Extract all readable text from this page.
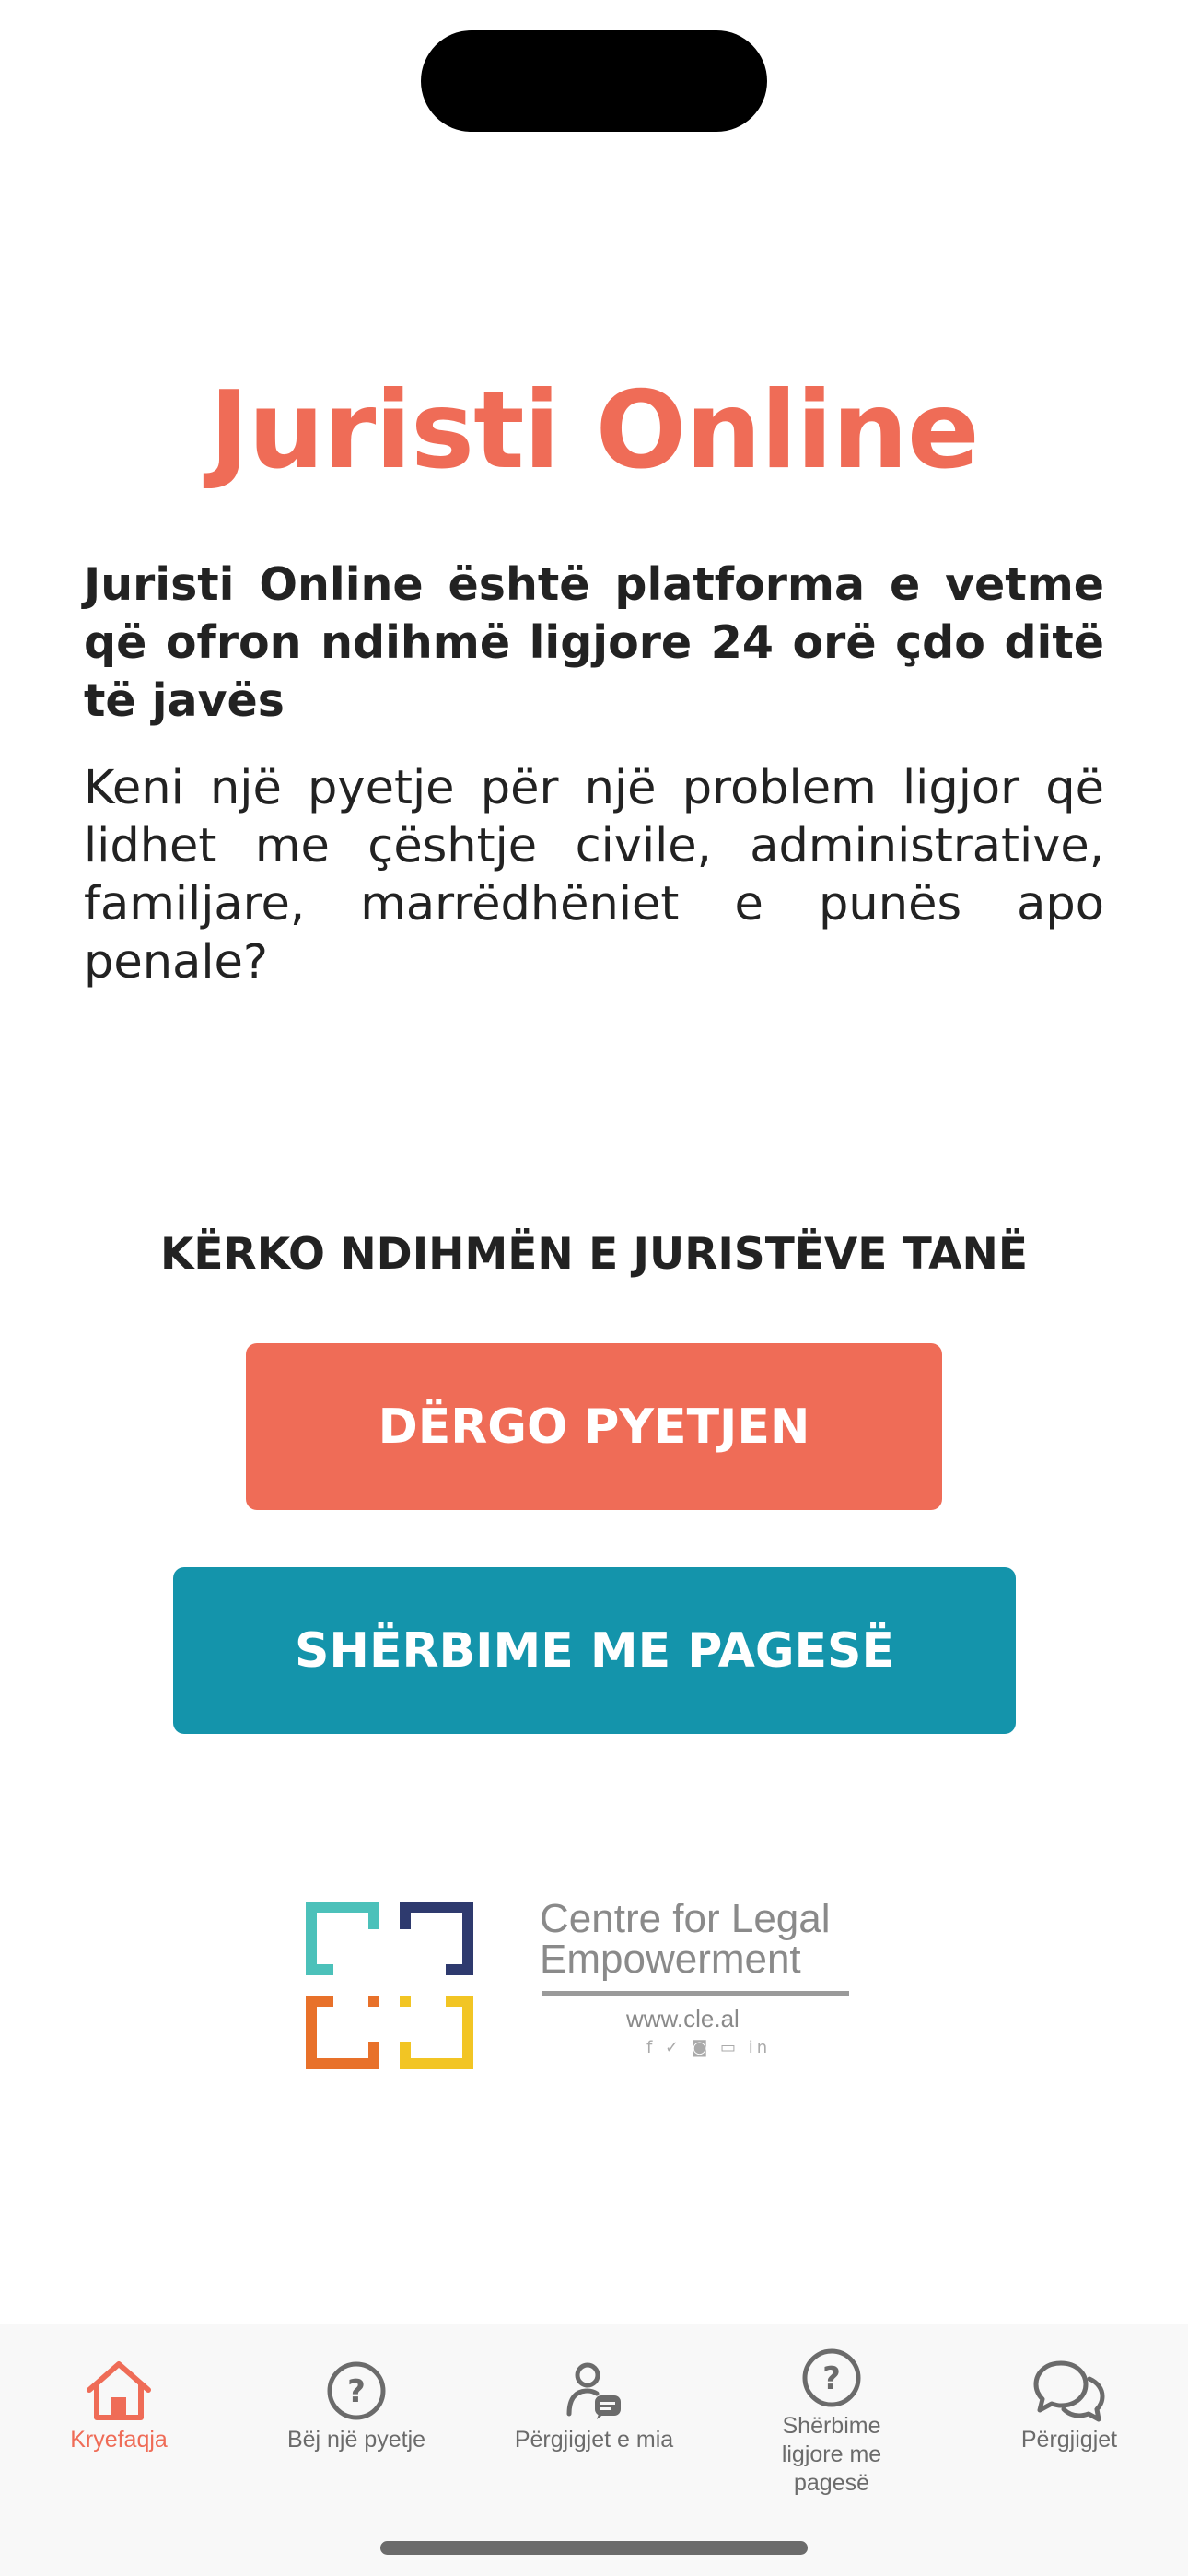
Juristi Online

Juristi Online është platforma e vetme që ofron ndihmë ligjore 24 orë çdo ditë të javës

Keni një pyetje për një problem ligjor që lidhet me çështje civile, administrative, familjare, marrëdhëniet e punës apo penale?

KËRKO NDIHMËN E JURISTËVE TANË
DËRGO PYETJEN
SHËRBIME ME PAGESË
Centre for Legal
Empowerment
www.cle.al
f ✓ ◙ ▭ in
Kryefaqja
?
Bëj një pyetje	Përgjigjet e mia
?
Shërbime ligjore me pagesë
Përgjigjet
